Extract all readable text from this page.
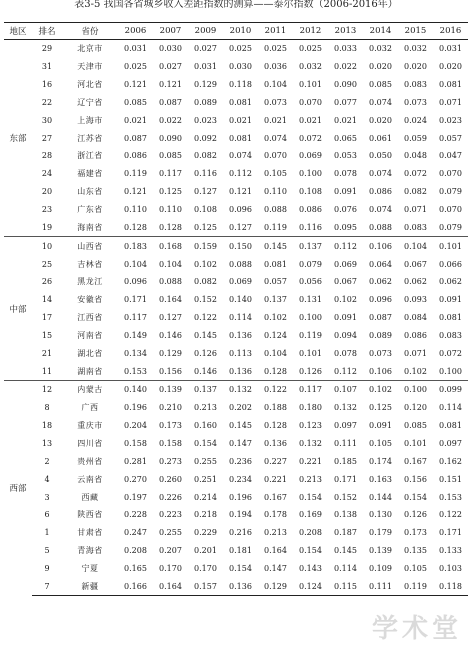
表3-5 我国各省城乡收入差距指数的测算——泰尔指数（2006-2016年）
地区	排名	省份	2006	2007	2009	2010	2011	2012	2013	2014	2015	2016
东部	29	北京市	0.031	0.030	0.027	0.025	0.025	0.025	0.033	0.032	0.032	0.031
	31	天津市	0.025	0.027	0.031	0.030	0.036	0.032	0.022	0.020	0.020	0.020
	16	河北省	0.121	0.121	0.129	0.118	0.104	0.101	0.090	0.085	0.083	0.081
	22	辽宁省	0.085	0.087	0.089	0.081	0.073	0.070	0.077	0.074	0.073	0.071
	30	上海市	0.021	0.022	0.023	0.021	0.021	0.021	0.021	0.020	0.024	0.023
	27	江苏省	0.087	0.090	0.092	0.081	0.074	0.072	0.065	0.061	0.059	0.057
	28	浙江省	0.086	0.085	0.082	0.074	0.070	0.069	0.053	0.050	0.048	0.047
	24	福建省	0.119	0.117	0.116	0.112	0.105	0.100	0.078	0.074	0.072	0.070
	20	山东省	0.121	0.125	0.127	0.121	0.110	0.108	0.091	0.086	0.082	0.079
	23	广东省	0.110	0.110	0.108	0.096	0.088	0.086	0.076	0.074	0.071	0.070
	19	海南省	0.128	0.128	0.125	0.127	0.119	0.116	0.095	0.088	0.083	0.079
中部	10	山西省	0.183	0.168	0.159	0.150	0.145	0.137	0.112	0.106	0.104	0.101
	25	吉林省	0.104	0.104	0.102	0.088	0.081	0.079	0.069	0.064	0.067	0.066
	26	黑龙江	0.096	0.088	0.082	0.069	0.057	0.056	0.067	0.062	0.062	0.062
	14	安徽省	0.171	0.164	0.152	0.140	0.137	0.131	0.102	0.096	0.093	0.091
	17	江西省	0.117	0.127	0.122	0.114	0.102	0.100	0.091	0.087	0.084	0.081
	15	河南省	0.149	0.146	0.145	0.136	0.124	0.119	0.094	0.089	0.086	0.083
	21	湖北省	0.134	0.129	0.126	0.113	0.104	0.101	0.078	0.073	0.071	0.072
	11	湖南省	0.153	0.156	0.146	0.136	0.128	0.126	0.112	0.106	0.102	0.100
西部	12	内蒙古	0.140	0.139	0.137	0.132	0.122	0.117	0.107	0.102	0.100	0.099
	8	广西	0.196	0.210	0.213	0.202	0.188	0.180	0.132	0.125	0.120	0.114
	18	重庆市	0.204	0.173	0.160	0.145	0.128	0.123	0.097	0.091	0.085	0.081
	13	四川省	0.158	0.158	0.154	0.147	0.136	0.132	0.111	0.105	0.101	0.097
	2	贵州省	0.281	0.273	0.255	0.236	0.227	0.221	0.185	0.174	0.167	0.162
	4	云南省	0.270	0.260	0.251	0.234	0.221	0.213	0.171	0.163	0.156	0.151
	3	西藏	0.197	0.226	0.214	0.196	0.167	0.154	0.152	0.144	0.154	0.153
	6	陕西省	0.228	0.223	0.218	0.194	0.178	0.169	0.138	0.130	0.126	0.122
	1	甘肃省	0.247	0.255	0.229	0.216	0.213	0.208	0.187	0.179	0.173	0.171
	5	青海省	0.208	0.207	0.201	0.181	0.164	0.154	0.145	0.139	0.135	0.133
	9	宁夏	0.165	0.170	0.170	0.154	0.147	0.143	0.114	0.109	0.105	0.103
	7	新疆	0.166	0.164	0.157	0.136	0.129	0.124	0.115	0.111	0.119	0.118
学术堂
